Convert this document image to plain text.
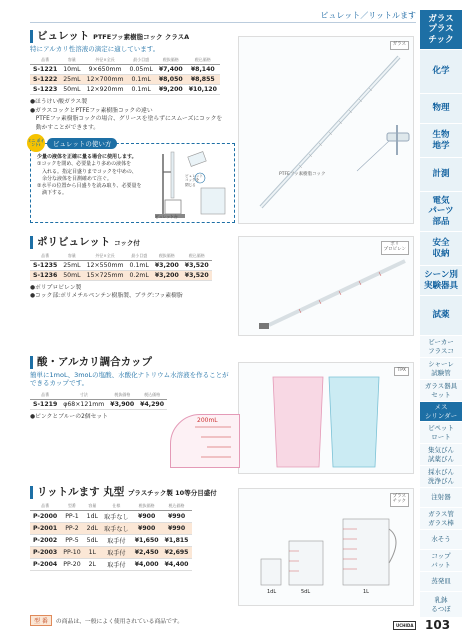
ビュレット／リットルます	ガラス
プラス
チック
化学
物理
生物
地学
計測
電気
パーツ
部品
安全
収納
シーン別
実験器具
試薬
ビーカー
フラスコ
シャーレ
試験管
ガラス器具
セット
メス
シリンダー
ピペット
ロート
集気びん
試薬びん
採水びん
洗浄びん
注射器
ガラス管
ガラス棒
水そう
コップ
バット
蒸発皿
乳鉢
るつぼ
ビュレット PTFEフッ素樹脂コック クラスA
特にアルカリ性溶液の滴定に適しています。
品番	容量	外径×全長	最小目盛	税抜価格	税込価格
S-1221	10mL	9×650mm	0.05mL	¥7,400	¥8,140
S-1222	25mL	12×700mm	0.1mL	¥8,050	¥8,855
S-1223	50mL	12×920mm	0.1mL	¥9,200	¥10,120
●ほうけい酸ガラス製
●ガラスコックとPTFEフッ素樹脂コックの違い
　PTFEフッ素樹脂コックの場合、グリースを塗らずにスムーズにコックを
　動かすことができます。
ガラス
PTFEフッ素樹脂コック
ミニ ポイント!	ビュレットの使い方
少量の液体を正確に量る場合に使用します。
①コックを閉め、必要量より多めの液体を
　入れる。指定目盛りまでコックを中めの、
　余分な液体を目測確めて注ぐ。
②水平の位置から目盛りを読み取り、必要量を
　滴下する。
ビュレット
コックを
閉じる
ビュレット台
ポリビュレット コック付
品番	容量	外径×全長	最小目盛	税抜価格	税込価格
S-1235	25mL	12×550mm	0.1mL	¥3,200	¥3,520
S-1236	50mL	15×725mm	0.2mL	¥3,200	¥3,520
●ポリプロピレン製
●コック部:ポリメチルペンテン樹脂製、プラグ:フッ素樹脂
ポリ
プロピレン
酸・アルカリ調合カップ
簡単に1moL、3moLの塩酸、水酸化ナトリウム水溶液を作ることができるカップです。
品番	寸法	税抜価格	税込価格
S-1219	φ68×121mm	¥3,900	¥4,290
●ピンクとブルーの2個セット
TPX
200mL
リットルます 丸型 プラスチック製 10等分目盛付
品番	型番	容量	仕様	税抜価格	税込価格
P-2000	PP-1	1dL	取手なし	¥900	¥990
P-2001	PP-2	2dL	取手なし	¥900	¥990
P-2002	PP-5	5dL	取手付	¥1,650	¥1,815
P-2003	PP-10	1L	取手付	¥2,450	¥2,695
P-2004	PP-20	2L	取手付	¥4,000	¥4,400
プラス
チック
1dL	5dL	1L
型 番	の商品は、一般によく使用されている商品です。
UCHIDA 103
